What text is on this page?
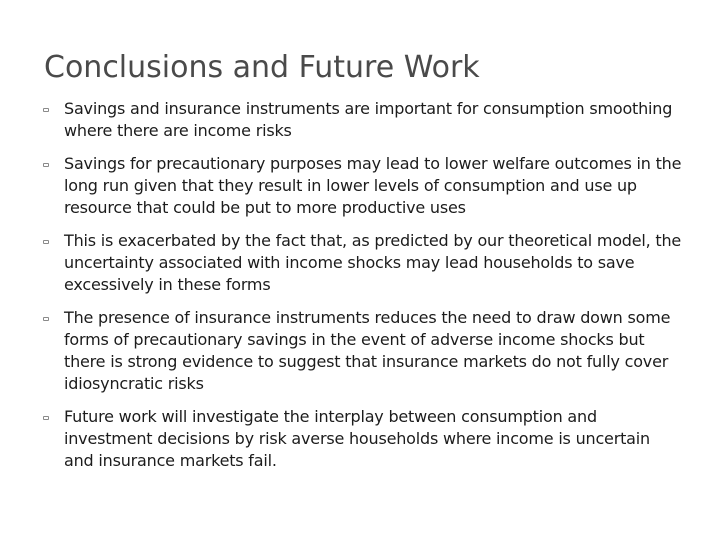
Conclusions and Future Work
Savings and insurance instruments are important for consumption smoothing where there are income risks
Savings for precautionary purposes may lead to lower welfare outcomes in the long run given that they result in lower levels of consumption and use up resource that could be put to more productive uses
This is exacerbated by the fact that, as predicted by our theoretical model, the uncertainty associated with income shocks may lead households to save excessively in these forms
The presence of insurance instruments reduces the need to draw down some forms of precautionary savings in the event of adverse income shocks but there is strong evidence to suggest that insurance markets do not fully cover idiosyncratic risks
Future work will investigate the interplay between consumption and investment decisions by risk averse households where income is uncertain and insurance markets fail.
